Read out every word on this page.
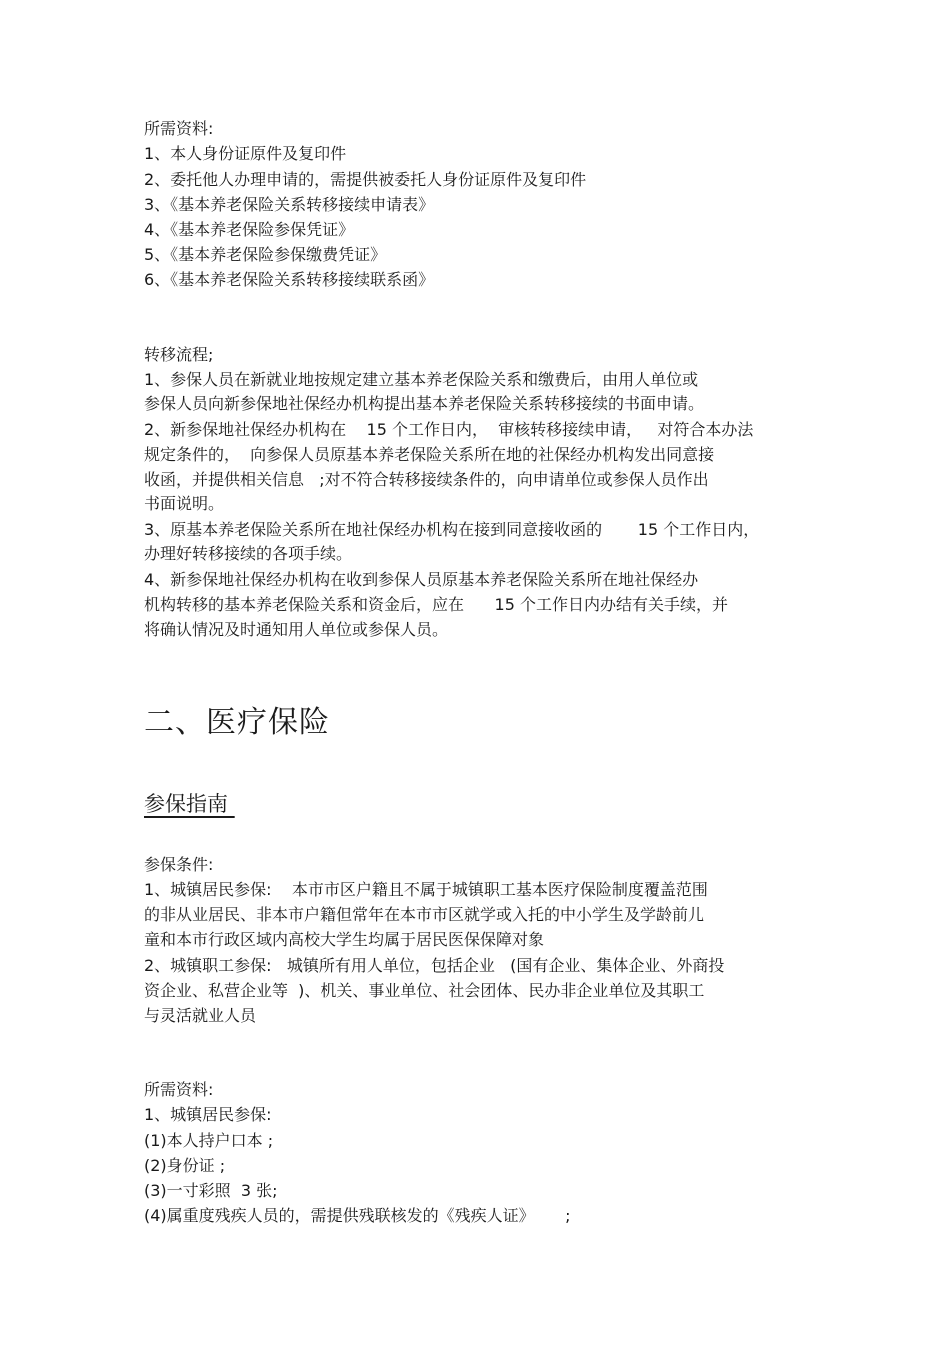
所需资料:
1、本人身份证原件及复印件
2、委托他人办理申请的，需提供被委托人身份证原件及复印件
3、《基本养老保险关系转移接续申请表》
4、《基本养老保险参保凭证》
5、《基本养老保险参保缴费凭证》
6、《基本养老保险关系转移接续联系函》
转移流程;
1、参保人员在新就业地按规定建立基本养老保险关系和缴费后，由用人单位或
参保人员向新参保地社保经办机构提出基本养老保险关系转移接续的书面申请。
2、新参保地社保经办机构在    15 个工作日内，  审核转移接续申请，   对符合本办法
规定条件的，  向参保人员原基本养老保险关系所在地的社保经办机构发出同意接
收函，并提供相关信息   ;对不符合转移接续条件的，向申请单位或参保人员作出
书面说明。
3、原基本养老保险关系所在地社保经办机构在接到同意接收函的       15 个工作日内，
办理好转移接续的各项手续。
4、新参保地社保经办机构在收到参保人员原基本养老保险关系所在地社保经办
机构转移的基本养老保险关系和资金后，应在      15 个工作日内办结有关手续，并
将确认情况及时通知用人单位或参保人员。
二、医疗保险
参保指南
参保条件:
1、城镇居民参保:    本市市区户籍且不属于城镇职工基本医疗保险制度覆盖范围
的非从业居民、非本市户籍但常年在本市市区就学或入托的中小学生及学龄前儿
童和本市行政区域内高校大学生均属于居民医保保障对象
2、城镇职工参保:   城镇所有用人单位，包括企业   (国有企业、集体企业、外商投
资企业、私营企业等  )、机关、事业单位、社会团体、民办非企业单位及其职工
与灵活就业人员
所需资料:
1、城镇居民参保:
(1)本人持户口本 ;
(2)身份证 ;
(3)一寸彩照  3 张;
(4)属重度残疾人员的，需提供残联核发的《残疾人证》      ;
